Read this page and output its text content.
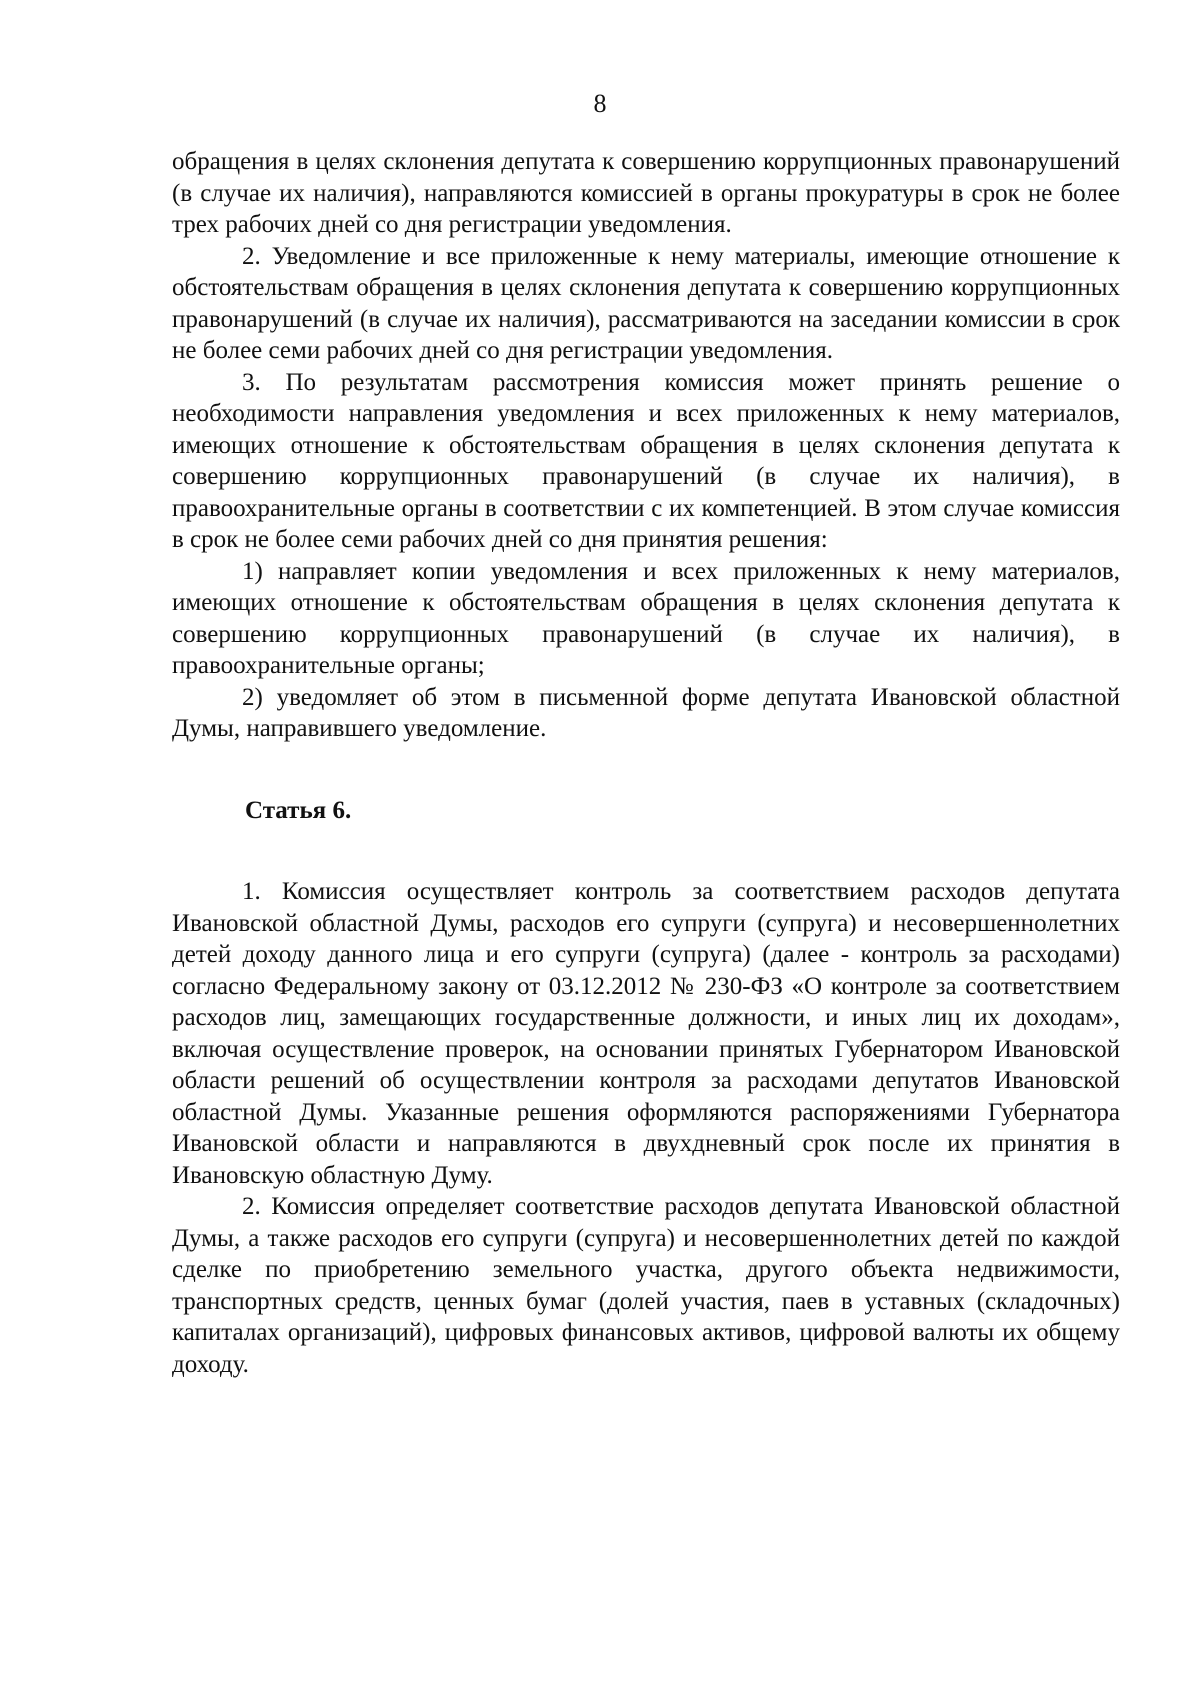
8

обращения в целях склонения депутата к совершению коррупционных правонарушений (в случае их наличия), направляются комиссией в органы прокуратуры в срок не более трех рабочих дней со дня регистрации уведомления.

2. Уведомление и все приложенные к нему материалы, имеющие отношение к обстоятельствам обращения в целях склонения депутата к совершению коррупционных правонарушений (в случае их наличия), рассматриваются на заседании комиссии в срок не более семи рабочих дней со дня регистрации уведомления.

3. По результатам рассмотрения комиссия может принять решение о необходимости направления уведомления и всех приложенных к нему материалов, имеющих отношение к обстоятельствам обращения в целях склонения депутата к совершению коррупционных правонарушений (в случае их наличия), в правоохранительные органы в соответствии с их компетенцией. В этом случае комиссия в срок не более семи рабочих дней со дня принятия решения:

1) направляет копии уведомления и всех приложенных к нему материалов, имеющих отношение к обстоятельствам обращения в целях склонения депутата к совершению коррупционных правонарушений (в случае их наличия), в правоохранительные органы;

2) уведомляет об этом в письменной форме депутата Ивановской областной Думы, направившего уведомление.

Статья 6.

1. Комиссия осуществляет контроль за соответствием расходов депутата Ивановской областной Думы, расходов его супруги (супруга) и несовершеннолетних детей доходу данного лица и его супруги (супруга) (далее - контроль за расходами) согласно Федеральному закону от 03.12.2012 № 230-ФЗ «О контроле за соответствием расходов лиц, замещающих государственные должности, и иных лиц их доходам», включая осуществление проверок, на основании принятых Губернатором Ивановской области решений об осуществлении контроля за расходами депутатов Ивановской областной Думы. Указанные решения оформляются распоряжениями Губернатора Ивановской области и направляются в двухдневный срок после их принятия в Ивановскую областную Думу.

2. Комиссия определяет соответствие расходов депутата Ивановской областной Думы, а также расходов его супруги (супруга) и несовершеннолетних детей по каждой сделке по приобретению земельного участка, другого объекта недвижимости, транспортных средств, ценных бумаг (долей участия, паев в уставных (складочных) капиталах организаций), цифровых финансовых активов, цифровой валюты их общему доходу.
